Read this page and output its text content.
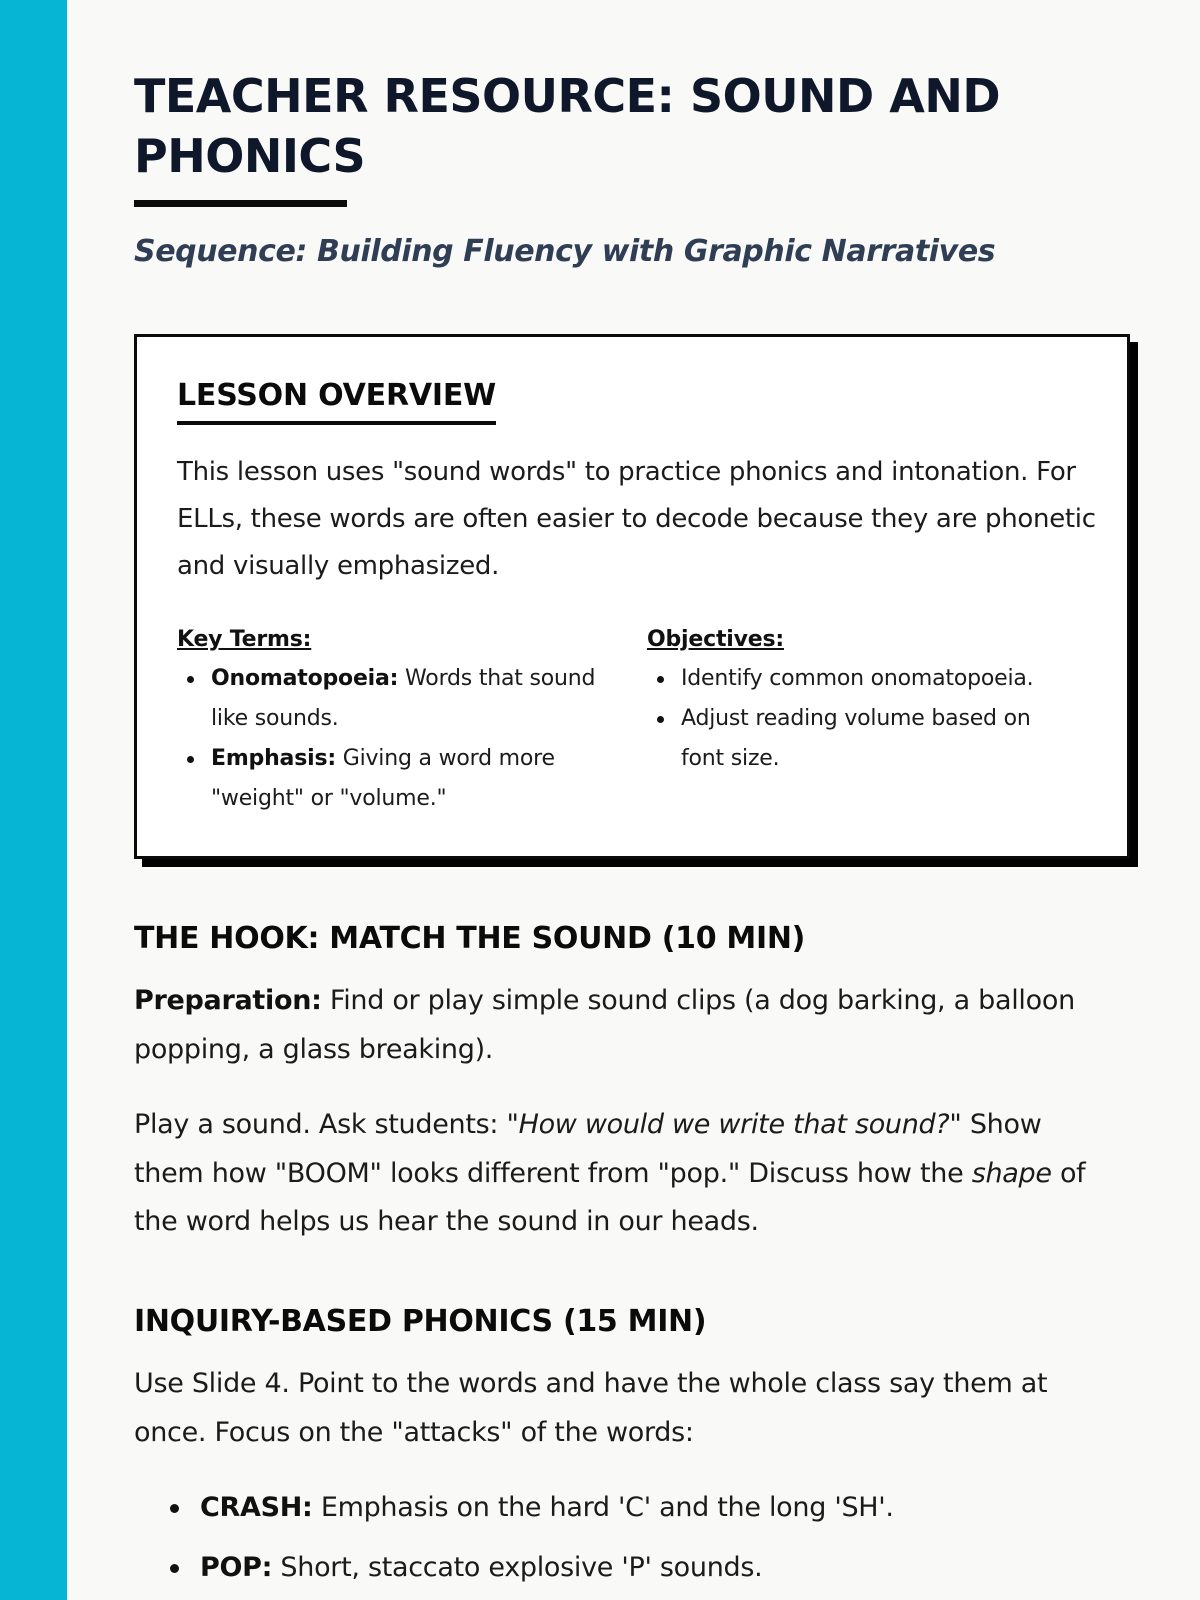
TEACHER RESOURCE: SOUND AND PHONICS

Sequence: Building Fluency with Graphic Narratives

LESSON OVERVIEW

This lesson uses "sound words" to practice phonics and intonation. For ELLs, these words are often easier to decode because they are phonetic and visually emphasized.

Key Terms:
Onomatopoeia: Words that sound like sounds.
Emphasis: Giving a word more "weight" or "volume."
Objectives:
Identify common onomatopoeia.
Adjust reading volume based on font size.
THE HOOK: MATCH THE SOUND (10 MIN)

Preparation: Find or play simple sound clips (a dog barking, a balloon popping, a glass breaking).

Play a sound. Ask students: "How would we write that sound?" Show them how "BOOM" looks different from "pop." Discuss how the shape of the word helps us hear the sound in our heads.

INQUIRY-BASED PHONICS (15 MIN)

Use Slide 4. Point to the words and have the whole class say them at once. Focus on the "attacks" of the words:

CRASH: Emphasis on the hard 'C' and the long 'SH'.
POP: Short, staccato explosive 'P' sounds.
